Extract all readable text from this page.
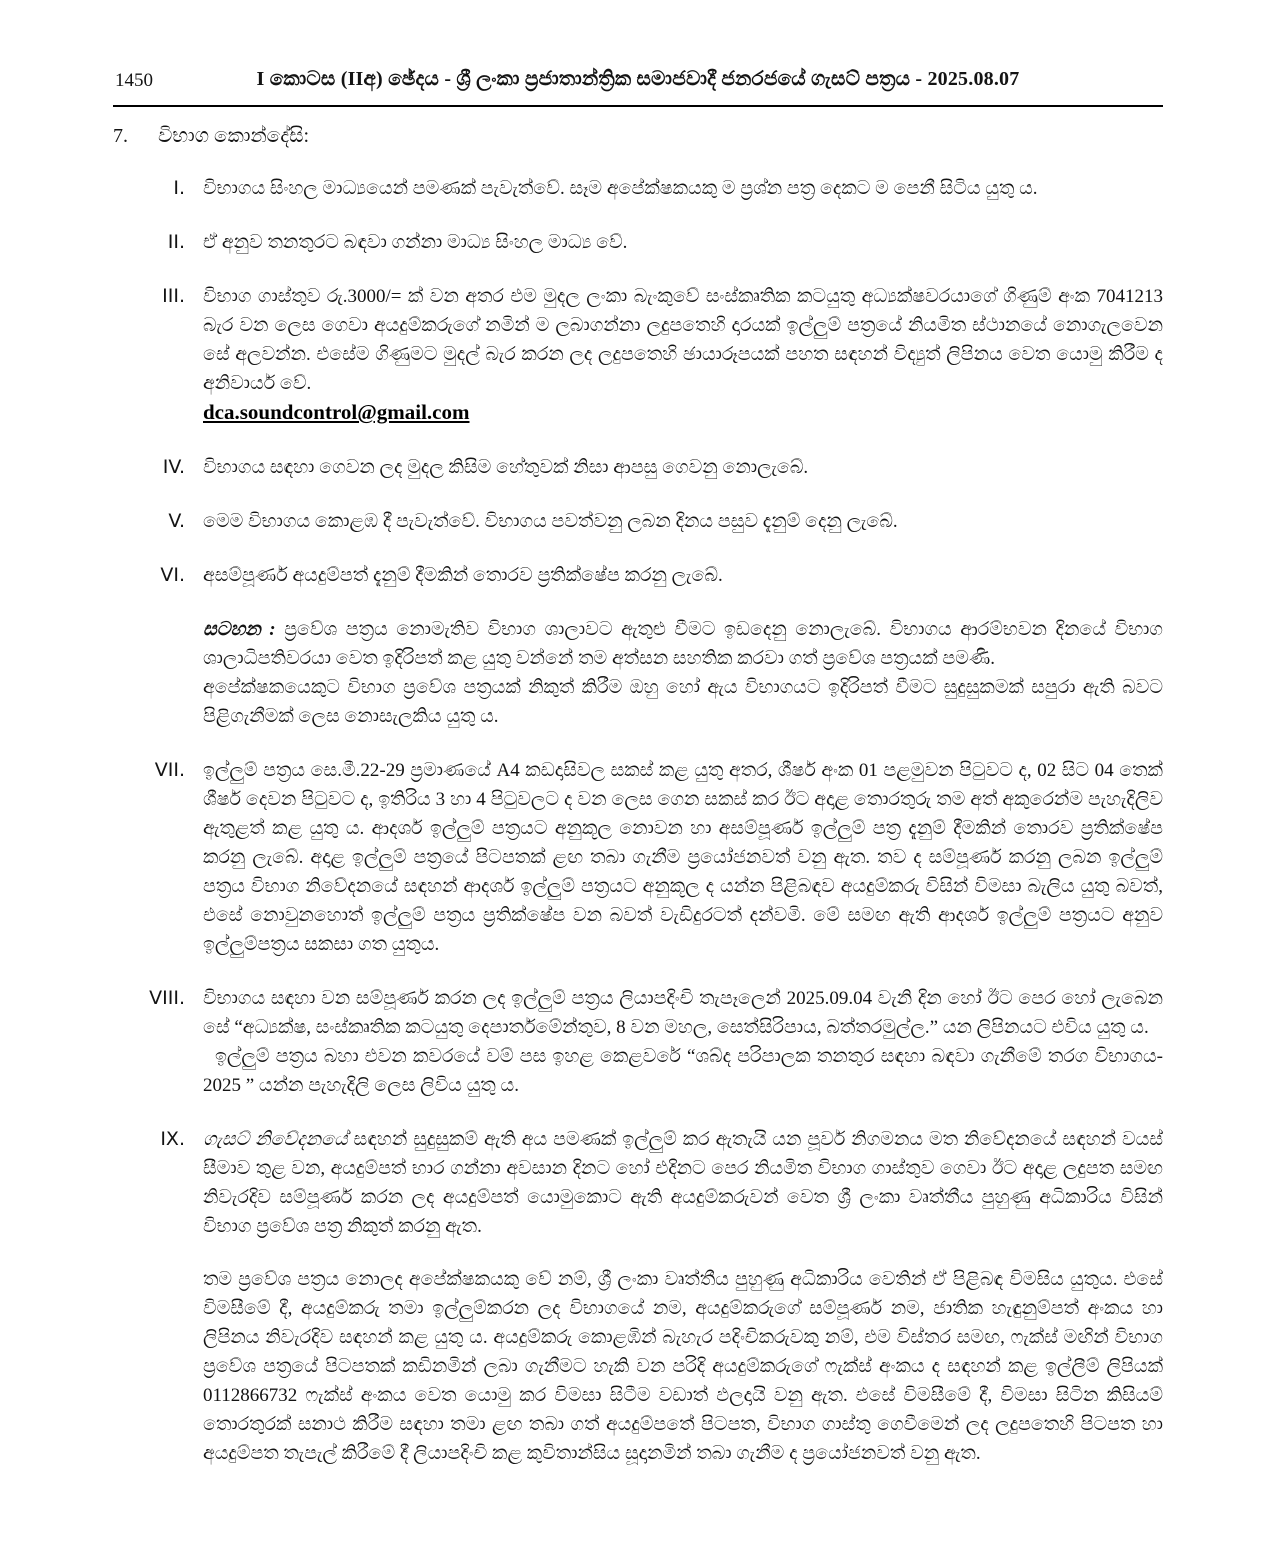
1450	I කොටස (IIඅ) ඡේදය - ශ්‍රී ලංකා ප්‍රජාතාන්ත්‍රික සමාජවාදී ජනරජයේ ගැසට් පත්‍රය - 2025.08.07
7. විභාග කොන්දේසි:
I. විභාගය සිංහල මාධ්‍යයෙන් පමණක් පැවැත්වේ. සෑම අපේක්ෂකයකු ම ප්‍රශ්න පත්‍ර දෙකට ම පෙනී සිටිය යුතු ය.

II. ඒ අනුව තනතුරට බඳවා ගන්නා මාධ්‍ය සිංහල මාධ්‍ය වේ.

III. විභාග ගාස්තුව රු.3000/= ක් වන අතර එම මුදල ලංකා බැංකුවේ සංස්කෘතික කටයුතු අධ්‍යක්ෂවරයාගේ ගිණුම් අංක 7041213 බැර වන ලෙස ගෙවා අයදුම්කරුගේ නමින් ම ලබාගන්නා ලදුපතෙහි දාරයක් ඉල්ලුම් පත්‍රයේ නියමිත ස්ථානයේ නොගැලවෙන සේ අලවන්න. එසේම ගිණුමට මුදල් බැර කරන ලද ලදුපතෙහි ඡායාරූපයක් පහත සඳහන් විද්‍යුත් ලිපිනය වෙත යොමු කිරීම ද අනිවාර්ය වේ.

dca.soundcontrol@gmail.com

IV. විභාගය සඳහා ගෙවන ලද මුදල කිසිම හේතුවක් නිසා ආපසු ගෙවනු නොලැබේ.

V. මෙම විභාගය කොළඹ දී පැවැත්වේ. විභාගය පවත්වනු ලබන දිනය පසුව දැනුම් දෙනු ලැබේ.

VI. අසම්පූර්ණ අයදුම්පත් දැනුම් දීමකින් තොරව ප්‍රතික්ෂේප කරනු ලැබේ.

සටහන : ප්‍රවේශ පත්‍රය නොමැතිව විභාග ශාලාවට ඇතුළු වීමට ඉඩදෙනු නොලැබේ. විභාගය ආරම්භවන දිනයේ විභාග ශාලාධිපතිවරයා වෙත ඉදිරිපත් කළ යුතු වන්නේ තම අත්සන සහතික කරවා ගත් ප්‍රවේශ පත්‍රයක් පමණි.

අපේක්ෂකයෙකුට විභාග ප්‍රවේශ පත්‍රයක් නිකුත් කිරීම ඔහු හෝ ඇය විභාගයට ඉදිරිපත් වීමට සුදුසුකමක් සපුරා ඇති බවට පිළිගැනීමක් ලෙස නොසැලකිය යුතු ය.

VII. ඉල්ලුම් පත්‍රය සෙ.මී.22-29 ප්‍රමාණයේ A4 කඩදාසිවල සකස් කළ යුතු අතර, ශීර්ෂ අංක 01 පළමුවන පිටුවට ද, 02 සිට 04 තෙක් ශීර්ෂ දෙවන පිටුවට ද, ඉතිරිය 3 හා 4 පිටුවලට ද වන ලෙස ගෙන සකස් කර ඊට අදාළ තොරතුරු තම අත් අකුරෙන්ම පැහැදිලිව ඇතුළත් කළ යුතු ය. ආදර්ශ ඉල්ලුම් පත්‍රයට අනුකූල නොවන හා අසම්පූර්ණ ඉල්ලුම් පත්‍ර දැනුම් දීමකින් තොරව ප්‍රතික්ෂේප කරනු ලැබේ. අදාළ ඉල්ලුම් පත්‍රයේ පිටපතක් ළඟ තබා ගැනීම ප්‍රයෝජනවත් වනු ඇත. තව ද සම්පූර්ණ කරනු ලබන ඉල්ලුම් පත්‍රය විභාග නිවේදනයේ සඳහන් ආදර්ශ ඉල්ලුම් පත්‍රයට අනුකූල ද යන්න පිළිබඳව අයදුම්කරු විසින් විමසා බැලිය යුතු බවත්, එසේ නොවුනහොත් ඉල්ලුම් පත්‍රය ප්‍රතික්ෂේප වන බවත් වැඩිදුරටත් දන්වමි. මේ සමඟ ඇති ආදර්ශ ඉල්ලුම් පත්‍රයට අනුව ඉල්ලුම්පත්‍රය සකසා ගත යුතුය.

VIII. විභාගය සඳහා වන සම්පූර්ණ කරන ලද ඉල්ලුම් පත්‍රය ලියාපදිංචි තැපෑලෙන් 2025.09.04 වැනි දින හෝ ඊට පෙර හෝ ලැබෙන සේ “අධ්‍යක්ෂ, සංස්කෘතික කටයුතු දෙපාර්තමේන්තුව, 8 වන මහල, සෙත්සිරිපාය, බත්තරමුල්ල.” යන ලිපිනයට එවිය යුතු ය.

ඉල්ලුම් පත්‍රය බහා එවන කවරයේ වම් පස ඉහළ කෙළවරේ “ශබ්ද පරිපාලක තනතුර සඳහා බඳවා ගැනීමේ තරග විභාගය- 2025 ” යන්න පැහැදිලි ලෙස ලිවිය යුතු ය.

IX. ගැසට් නිවේදනයේ සඳහන් සුදුසුකම් ඇති අය පමණක් ඉල්ලුම් කර ඇතැයි යන පූර්ව නිගමනය මත නිවේදනයේ සඳහන් වයස් සීමාව තුළ වන, අයදුම්පත් භාර ගන්නා අවසාන දිනට හෝ එදිනට පෙර නියමිත විභාග ගාස්තුව ගෙවා ඊට අදාළ ලදුපත සමඟ නිවැරදිව සම්පූර්ණ කරන ලද අයදුම්පත් යොමුකොට ඇති අයදුම්කරුවන් වෙත ශ්‍රී ලංකා වෘත්තීය පුහුණු අධිකාරිය විසින් විභාග ප්‍රවේශ පත්‍ර නිකුත් කරනු ඇත.

තම ප්‍රවේශ පත්‍රය නොලද අපේක්ෂකයකු වේ නම්, ශ්‍රී ලංකා වෘත්තීය පුහුණු අධිකාරිය වෙතින් ඒ පිළිබඳ විමසිය යුතුය. එසේ විමසීමේ දී, අයදුම්කරු තමා ඉල්ලුම්කරන ලද විභාගයේ නම, අයදුම්කරුගේ සම්පූර්ණ නම, ජාතික හැඳුනුම්පත් අංකය හා ලිපිනය නිවැරදිව සඳහන් කළ යුතු ය. අයදුම්කරු කොළඹින් බැහැර පදිංචිකරුවකු නම්, එම විස්තර සමඟ, ෆැක්ස් මඟින් විභාග ප්‍රවේශ පත්‍රයේ පිටපතක් කඩිනමින් ලබා ගැනීමට හැකි වන පරිදි අයදුම්කරුගේ ෆැක්ස් අංකය ද සඳහන් කළ ඉල්ලීම් ලිපියක් 0112866732 ෆැක්ස් අංකය වෙත යොමු කර විමසා සිටීම වඩාත් ඵලදායි වනු ඇත. එසේ විමසීමේ දී, විමසා සිටින කිසියම් තොරතුරක් සනාථ කිරීම සඳහා තමා ළඟ තබා ගත් අයදුම්පතේ පිටපත, විභාග ගාස්තු ගෙවීමෙන් ලද ලදුපතෙහි පිටපත හා අයදුම්පත තැපැල් කිරීමේ දී ලියාපදිංචි කළ කුවිතාන්සිය සූදානමින් තබා ගැනීම ද ප්‍රයෝජනවත් වනු ඇත.
